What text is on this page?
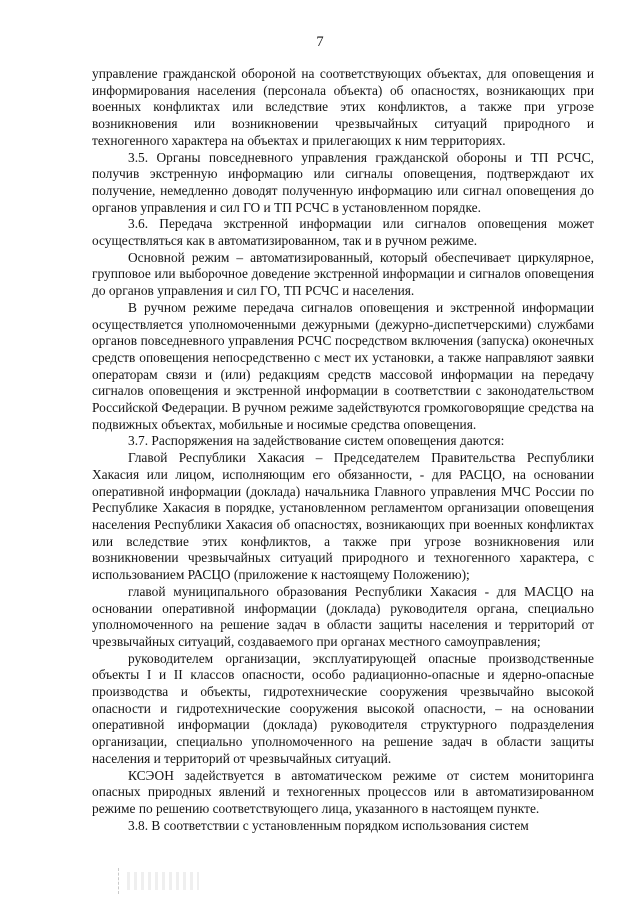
7

управление гражданской обороной на соответствующих объектах, для оповещения и информирования населения (персонала объекта) об опасностях, возникающих при военных конфликтах или вследствие этих конфликтов, а также при угрозе возникновения или возникновении чрезвычайных ситуаций природного и техногенного характера на объектах и прилегающих к ним территориях.

3.5. Органы повседневного управления гражданской обороны и ТП РСЧС, получив экстренную информацию или сигналы оповещения, подтверждают их получение, немедленно доводят полученную информацию или сигнал оповещения до органов управления и сил ГО и ТП РСЧС в установленном порядке.

3.6. Передача экстренной информации или сигналов оповещения может осуществляться как в автоматизированном, так и в ручном режиме.

Основной режим – автоматизированный, который обеспечивает циркулярное, групповое или выборочное доведение экстренной информации и сигналов оповещения до органов управления и сил ГО, ТП РСЧС и населения.

В ручном режиме передача сигналов оповещения и экстренной информации осуществляется уполномоченными дежурными (дежурно-диспетчерскими) службами органов повседневного управления РСЧС посредством включения (запуска) оконечных средств оповещения непосредственно с мест их установки, а также направляют заявки операторам связи и (или) редакциям средств массовой информации на передачу сигналов оповещения и экстренной информации в соответствии с законодательством Российской Федерации. В ручном режиме задействуются громкоговорящие средства на подвижных объектах, мобильные и носимые средства оповещения.

3.7. Распоряжения на задействование систем оповещения даются:

Главой Республики Хакасия – Председателем Правительства Республики Хакасия или лицом, исполняющим его обязанности, - для РАСЦО, на основании оперативной информации (доклада) начальника Главного управления МЧС России по Республике Хакасия в порядке, установленном регламентом организации оповещения населения Республики Хакасия об опасностях, возникающих при военных конфликтах или вследствие этих конфликтов, а также при угрозе возникновения или возникновении чрезвычайных ситуаций природного и техногенного характера, с использованием РАСЦО (приложение к настоящему Положению);

главой муниципального образования Республики Хакасия - для МАСЦО на основании оперативной информации (доклада) руководителя органа, специально уполномоченного на решение задач в области защиты населения и территорий от чрезвычайных ситуаций, создаваемого при органах местного самоуправления;

руководителем организации, эксплуатирующей опасные производственные объекты I и II классов опасности, особо радиационно-опасные и ядерно-опасные производства и объекты, гидротехнические сооружения чрезвычайно высокой опасности и гидротехнические сооружения высокой опасности, – на основании оперативной информации (доклада) руководителя структурного подразделения организации, специально уполномоченного на решение задач в области защиты населения и территорий от чрезвычайных ситуаций.

КСЭОН задействуется в автоматическом режиме от систем мониторинга опасных природных явлений и техногенных процессов или в автоматизированном режиме по решению соответствующего лица, указанного в настоящем пункте.

3.8. В соответствии с установленным порядком использования систем
